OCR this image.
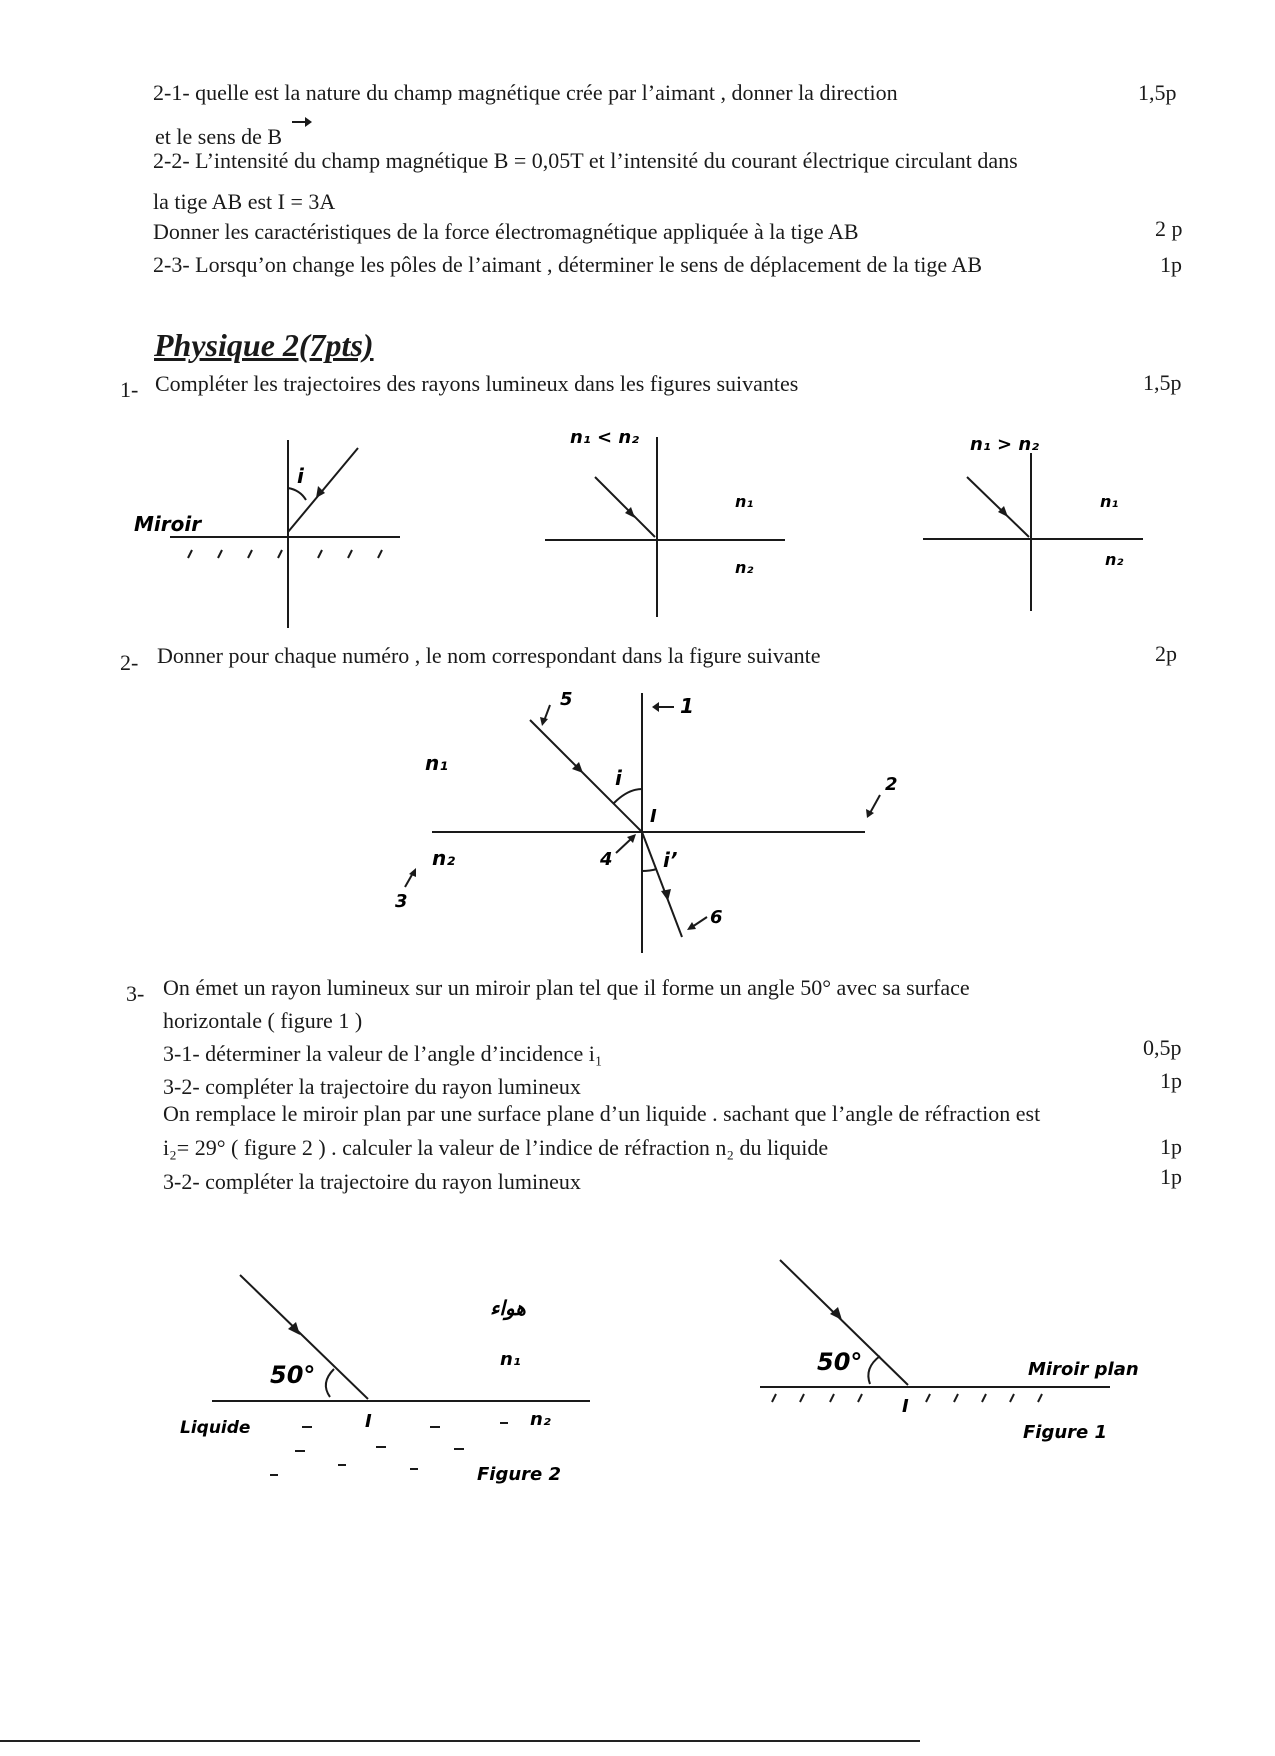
2-1- quelle est la nature du champ magnétique crée par l’aimant , donner la direction	1,5p
et le sens de B
2-2- L’intensité du champ magnétique B = 0,05T et l’intensité du courant électrique circulant dans
la tige AB est I = 3A
Donner les caractéristiques de la force électromagnétique appliquée à la tige AB	2 p
2-3- Lorsqu’on change les pôles de l’aimant , déterminer le sens de déplacement de la tige AB	1p
Physique 2(7pts)
1- Compléter les trajectoires des rayons lumineux dans les figures suivantes	1,5p
Miroir
i
n₁ < n₂
n₁
n₂
n₁ > n₂
n₁
n₂
2- Donner pour chaque numéro , le nom correspondant dans la figure suivante	2p
n₁
n₂
I
i
i’
1
2
3
4
5
6
3- On émet un rayon lumineux sur un miroir plan tel que il forme un angle 50° avec sa surface
horizontale ( figure 1 )
3-1- déterminer la valeur de l’angle d’incidence i₁	0,5p
3-2- compléter la trajectoire du rayon lumineux	1p
On remplace le miroir plan par une surface plane d’un liquide . sachant que l’angle de réfraction est
i₂= 29° ( figure 2 ) . calculer la valeur de l’indice de réfraction n₂ du liquide	1p
3-2- compléter la trajectoire du rayon lumineux	1p
50°
هواء
n₁
n₂
I
Liquide
Figure 2
50°	Miroir plan
I
Figure 1
